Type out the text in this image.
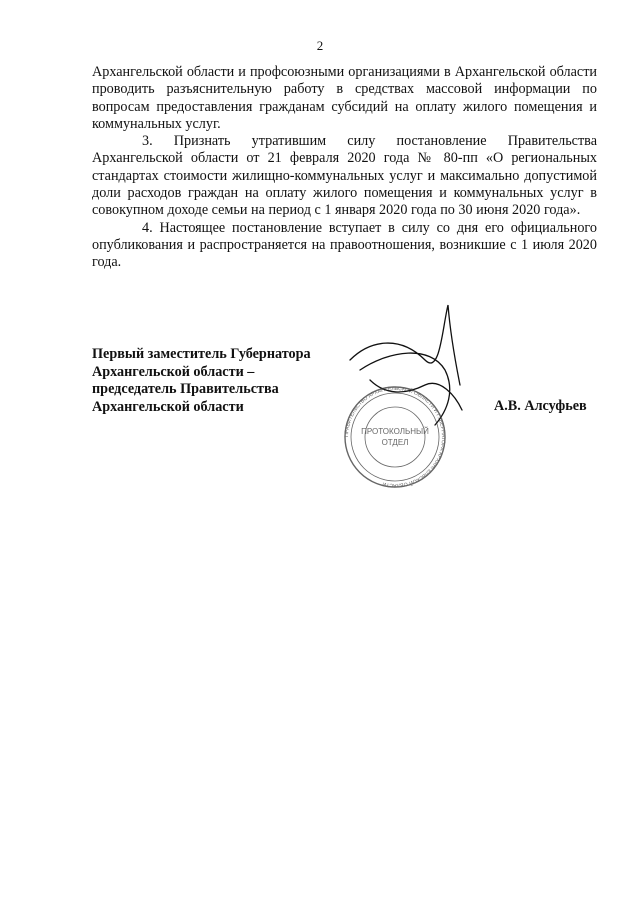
2

Архангельской области и профсоюзными организациями в Архангельской области проводить разъяснительную работу в средствах массовой информации по вопросам предоставления гражданам субсидий на оплату жилого помещения и коммунальных услуг.

3. Признать утратившим силу постановление Правительства Архангельской области от 21 февраля 2020 года № 80-пп «О региональных стандартах стоимости жилищно-коммунальных услуг и максимально допустимой доли расходов граждан на оплату жилого помещения и коммунальных услуг в совокупном доходе семьи на период с 1 января 2020 года по 30 июня 2020 года».

4. Настоящее постановление вступает в силу со дня его официального опубликования и распространяется на правоотношения, возникшие с 1 июля 2020 года.

Первый заместитель Губернатора
Архангельской области –
председатель Правительства
Архангельской области
ПРАВИТЕЛЬСТВО АРХАНГЕЛЬСКОЙ ОБЛАСТИ И ГУБЕРНАТОРА АРХАНГЕЛЬСКОЙ ОБЛАСТИ
ПРОТОКОЛЬНЫЙ
ОТДЕЛ
А.В. Алсуфьев
